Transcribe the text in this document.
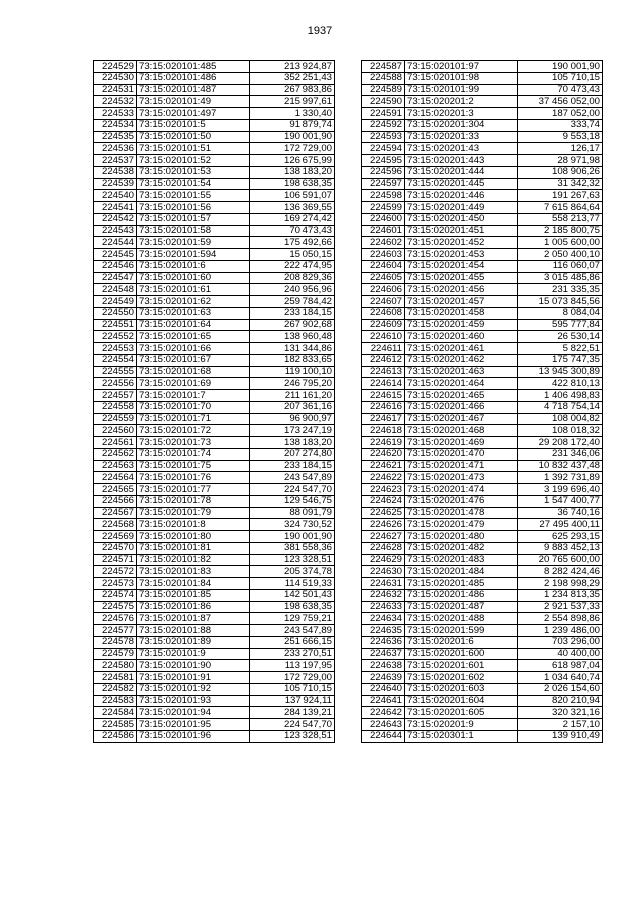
1937
224529	73:15:020101:485	213 924,87
224530	73:15:020101:486	352 251,43
224531	73:15:020101:487	267 983,86
224532	73:15:020101:49	215 997,61
224533	73:15:020101:497	1 330,40
224534	73:15:020101:5	91 879,74
224535	73:15:020101:50	190 001,90
224536	73:15:020101:51	172 729,00
224537	73:15:020101:52	126 675,99
224538	73:15:020101:53	138 183,20
224539	73:15:020101:54	198 638,35
224540	73:15:020101:55	106 591,07
224541	73:15:020101:56	136 369,55
224542	73:15:020101:57	169 274,42
224543	73:15:020101:58	70 473,43
224544	73:15:020101:59	175 492,66
224545	73:15:020101:594	15 050,15
224546	73:15:020101:6	222 474,95
224547	73:15:020101:60	208 829,36
224548	73:15:020101:61	240 956,96
224549	73:15:020101:62	259 784,42
224550	73:15:020101:63	233 184,15
224551	73:15:020101:64	267 902,68
224552	73:15:020101:65	138 960,48
224553	73:15:020101:66	131 344,86
224554	73:15:020101:67	182 833,65
224555	73:15:020101:68	119 100,10
224556	73:15:020101:69	246 795,20
224557	73:15:020101:7	211 161,20
224558	73:15:020101:70	207 361,16
224559	73:15:020101:71	96 900,97
224560	73:15:020101:72	173 247,19
224561	73:15:020101:73	138 183,20
224562	73:15:020101:74	207 274,80
224563	73:15:020101:75	233 184,15
224564	73:15:020101:76	243 547,89
224565	73:15:020101:77	224 547,70
224566	73:15:020101:78	129 546,75
224567	73:15:020101:79	88 091,79
224568	73:15:020101:8	324 730,52
224569	73:15:020101:80	190 001,90
224570	73:15:020101:81	381 558,36
224571	73:15:020101:82	123 328,51
224572	73:15:020101:83	205 374,78
224573	73:15:020101:84	114 519,33
224574	73:15:020101:85	142 501,43
224575	73:15:020101:86	198 638,35
224576	73:15:020101:87	129 759,21
224577	73:15:020101:88	243 547,89
224578	73:15:020101:89	251 666,15
224579	73:15:020101:9	233 270,51
224580	73:15:020101:90	113 197,95
224581	73:15:020101:91	172 729,00
224582	73:15:020101:92	105 710,15
224583	73:15:020101:93	137 924,11
224584	73:15:020101:94	284 139,21
224585	73:15:020101:95	224 547,70
224586	73:15:020101:96	123 328,51
224587	73:15:020101:97	190 001,90
224588	73:15:020101:98	105 710,15
224589	73:15:020101:99	70 473,43
224590	73:15:020201:2	37 456 052,00
224591	73:15:020201:3	187 052,00
224592	73:15:020201:304	333,74
224593	73:15:020201:33	9 553,18
224594	73:15:020201:43	126,17
224595	73:15:020201:443	28 971,98
224596	73:15:020201:444	108 906,26
224597	73:15:020201:445	31 342,32
224598	73:15:020201:446	191 267,63
224599	73:15:020201:449	7 615 864,64
224600	73:15:020201:450	558 213,77
224601	73:15:020201:451	2 185 800,75
224602	73:15:020201:452	1 005 600,00
224603	73:15:020201:453	2 050 400,10
224604	73:15:020201:454	116 060,07
224605	73:15:020201:455	3 015 485,86
224606	73:15:020201:456	231 335,35
224607	73:15:020201:457	15 073 845,56
224608	73:15:020201:458	8 084,04
224609	73:15:020201:459	595 777,84
224610	73:15:020201:460	26 530,14
224611	73:15:020201:461	5 822,51
224612	73:15:020201:462	175 747,35
224613	73:15:020201:463	13 945 300,89
224614	73:15:020201:464	422 810,13
224615	73:15:020201:465	1 406 498,83
224616	73:15:020201:466	4 718 754,14
224617	73:15:020201:467	108 004,82
224618	73:15:020201:468	108 018,32
224619	73:15:020201:469	29 208 172,40
224620	73:15:020201:470	231 346,06
224621	73:15:020201:471	10 832 437,48
224622	73:15:020201:473	1 392 731,89
224623	73:15:020201:474	3 199 696,40
224624	73:15:020201:476	1 547 400,77
224625	73:15:020201:478	36 740,16
224626	73:15:020201:479	27 495 400,11
224627	73:15:020201:480	625 293,15
224628	73:15:020201:482	9 883 452,13
224629	73:15:020201:483	20 765 600,00
224630	73:15:020201:484	8 282 424,46
224631	73:15:020201:485	2 198 998,29
224632	73:15:020201:486	1 234 813,35
224633	73:15:020201:487	2 921 537,33
224634	73:15:020201:488	2 554 898,86
224635	73:15:020201:599	1 239 486,00
224636	73:15:020201:6	703 296,00
224637	73:15:020201:600	40 400,00
224638	73:15:020201:601	618 987,04
224639	73:15:020201:602	1 034 640,74
224640	73:15:020201:603	2 026 154,60
224641	73:15:020201:604	820 210,94
224642	73:15:020201:605	320 321,16
224643	73:15:020201:9	2 157,10
224644	73:15:020301:1	139 910,49
